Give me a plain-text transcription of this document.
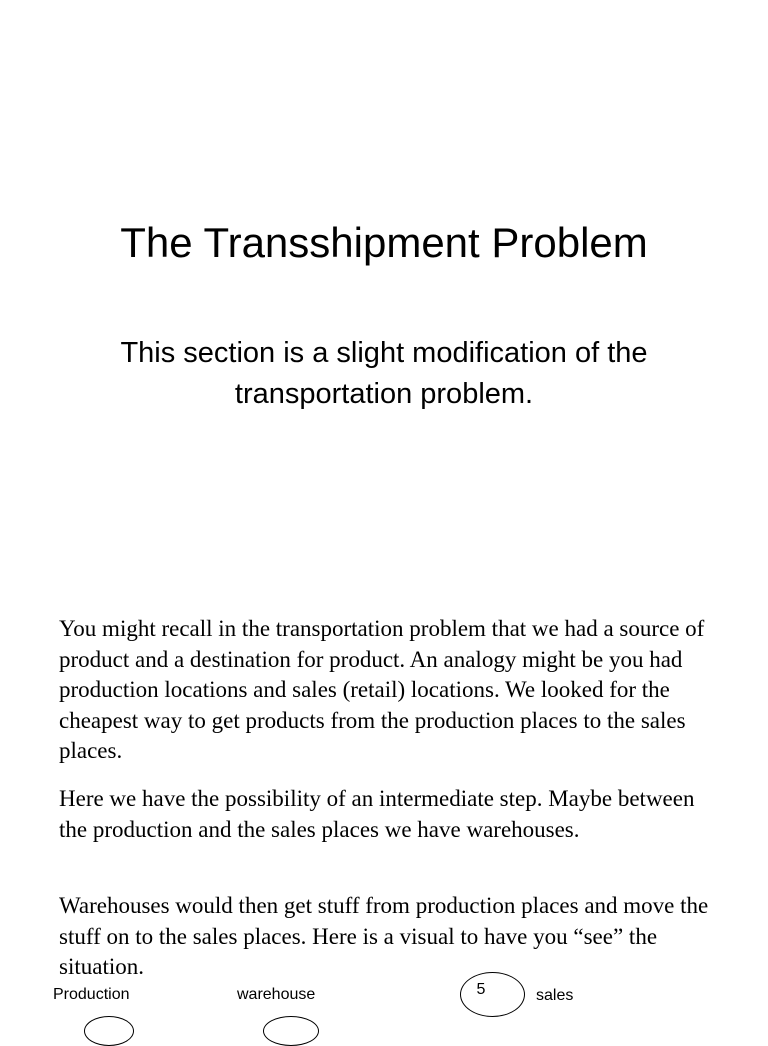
The Transshipment Problem

This section is a slight modification of the transportation problem.

You might recall in the transportation problem that we had a source of product and a destination for product. An analogy might be you had production locations and sales (retail) locations. We looked for the cheapest way to get products from the production places to the sales places.

Here we have the possibility of an intermediate step. Maybe between the production and the sales places we have warehouses.

Warehouses would then get stuff from production places and move the stuff on to the sales places. Here is a visual to have you “see” the situation.

Production	warehouse	5	sales
